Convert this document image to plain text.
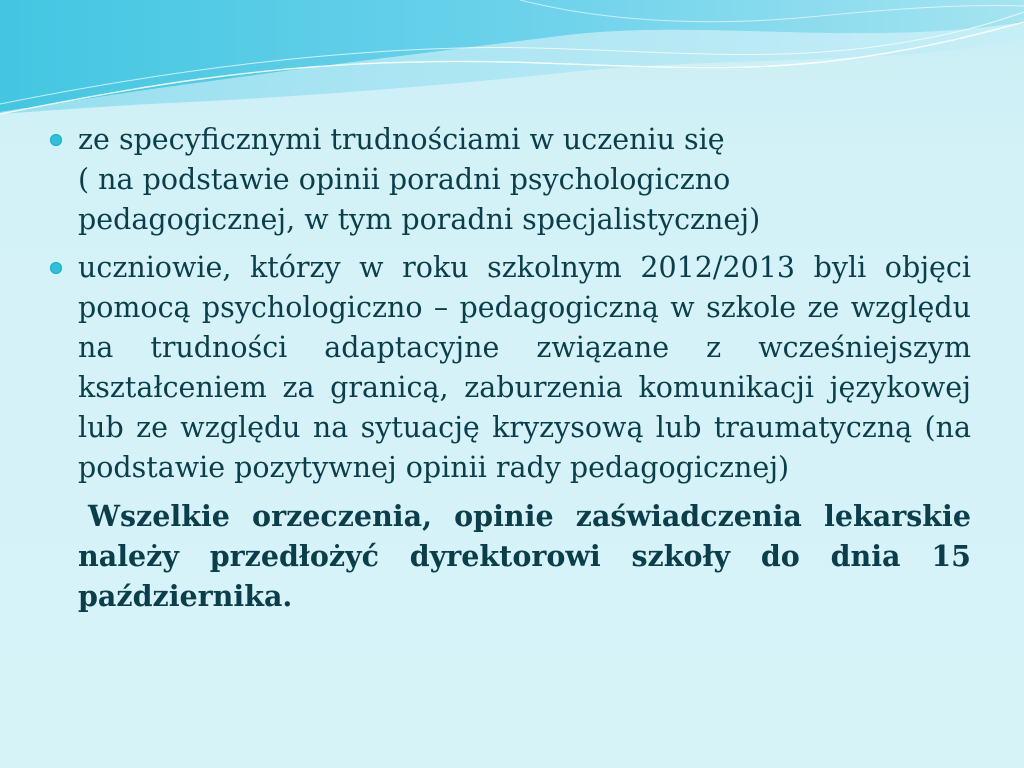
ze specyficznymi trudnościami w uczeniu się
( na podstawie opinii poradni psychologiczno
pedagogicznej, w tym poradni specjalistycznej)
uczniowie, którzy w roku szkolnym 2012/2013 byli objęci pomocą psychologiczno – pedagogiczną w szkole ze względu na trudności adaptacyjne związane z wcześniejszym kształceniem za granicą, zaburzenia komunikacji językowej lub ze względu na sytuację kryzysową lub traumatyczną (na podstawie pozytywnej opinii rady pedagogicznej)
Wszelkie orzeczenia, opinie zaświadczenia lekarskie należy przedłożyć dyrektorowi szkoły do dnia 15 października.
